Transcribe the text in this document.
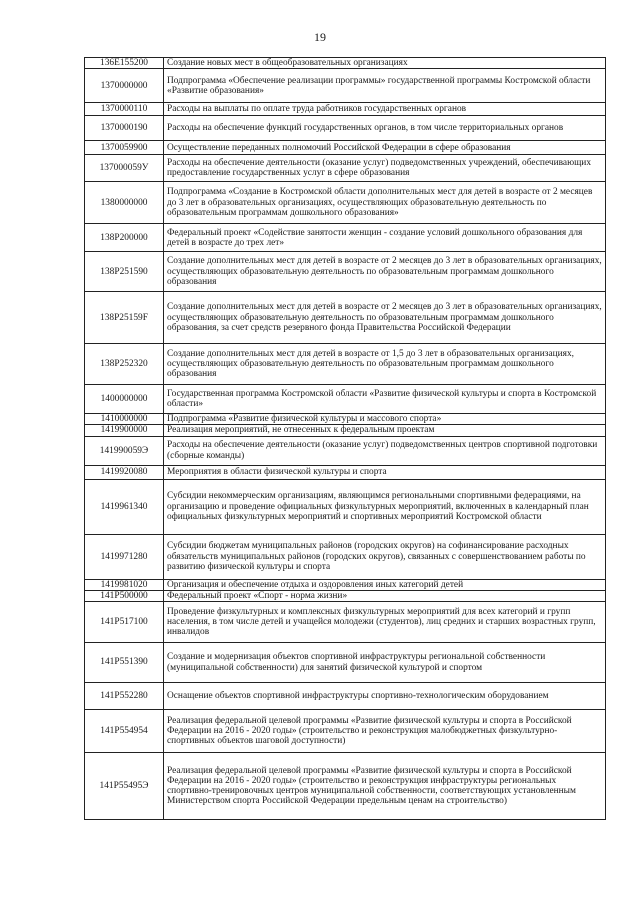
19
136E155200	Создание новых мест в общеобразовательных организациях
1370000000	Подпрограмма «Обеспечение реализации программы» государственной программы Костромской области «Развитие образования»
1370000110	Расходы на выплаты по оплате труда работников государственных органов
1370000190	Расходы на обеспечение функций государственных органов, в том числе территориальных органов
1370059900	Осуществление переданных полномочий Российской Федерации в сфере образования
137000059У	Расходы на обеспечение деятельности (оказание услуг) подведомственных учреждений, обеспечивающих предоставление государственных услуг в сфере образования
1380000000	Подпрограмма «Создание в Костромской области дополнительных мест для детей в возрасте от 2 месяцев до 3 лет в образовательных организациях, осуществляющих образовательную деятельность по образовательным программам дошкольного образования»
138P200000	Федеральный проект «Содействие занятости женщин - создание условий дошкольного образования для детей в возрасте до трех лет»
138P251590	Создание дополнительных мест для детей в возрасте от 2 месяцев до 3 лет в образовательных организациях, осуществляющих образовательную деятельность по образовательным программам дошкольного образования
138P25159F	Создание дополнительных мест для детей в возрасте от 2 месяцев до 3 лет в образовательных организациях, осуществляющих образовательную деятельность по образовательным программам дошкольного образования, за счет средств резервного фонда Правительства Российской Федерации
138P252320	Создание дополнительных мест для детей в возрасте от 1,5 до 3 лет в образовательных организациях, осуществляющих образовательную деятельность по образовательным программам дошкольного образования
1400000000	Государственная программа Костромской области «Развитие физической культуры и спорта в Костромской области»
1410000000	Подпрограмма «Развитие физической культуры и массового спорта»
1419900000	Реализация мероприятий, не отнесенных к федеральным проектам
141990059Э	Расходы на обеспечение деятельности (оказание услуг) подведомственных центров спортивной подготовки (сборные команды)
1419920080	Мероприятия в области физической культуры и спорта
1419961340	Субсидии некоммерческим организациям, являющимся региональными спортивными федерациями, на организацию и проведение официальных физкультурных мероприятий, включенных в календарный план официальных физкультурных мероприятий и спортивных мероприятий Костромской области
1419971280	Субсидии бюджетам муниципальных районов (городских округов) на софинансирование расходных обязательств муниципальных районов (городских округов), связанных с совершенствованием работы по развитию физической культуры и спорта
1419981020	Организация и обеспечение отдыха и оздоровления иных категорий детей
141P500000	Федеральный проект «Спорт - норма жизни»
141P517100	Проведение физкультурных и комплексных физкультурных мероприятий для всех категорий и групп населения, в том числе детей и учащейся молодежи (студентов), лиц средних и старших возрастных групп, инвалидов
141P551390	Создание и модернизация объектов спортивной инфраструктуры региональной собственности (муниципальной собственности) для занятий физической культурой и спортом
141P552280	Оснащение объектов спортивной инфраструктуры спортивно-технологическим оборудованием
141P554954	Реализация федеральной целевой программы «Развитие физической культуры и спорта в Российской Федерации на 2016 - 2020 годы» (строительство и реконструкция малобюджетных физкультурно-спортивных объектов шаговой доступности)
141P55495Э	Реализация федеральной целевой программы «Развитие физической культуры и спорта в Российской Федерации на 2016 - 2020 годы» (строительство и реконструкция инфраструктуры региональных спортивно-тренировочных центров муниципальной собственности, соответствующих установленным Министерством спорта Российской Федерации предельным ценам на строительство)
